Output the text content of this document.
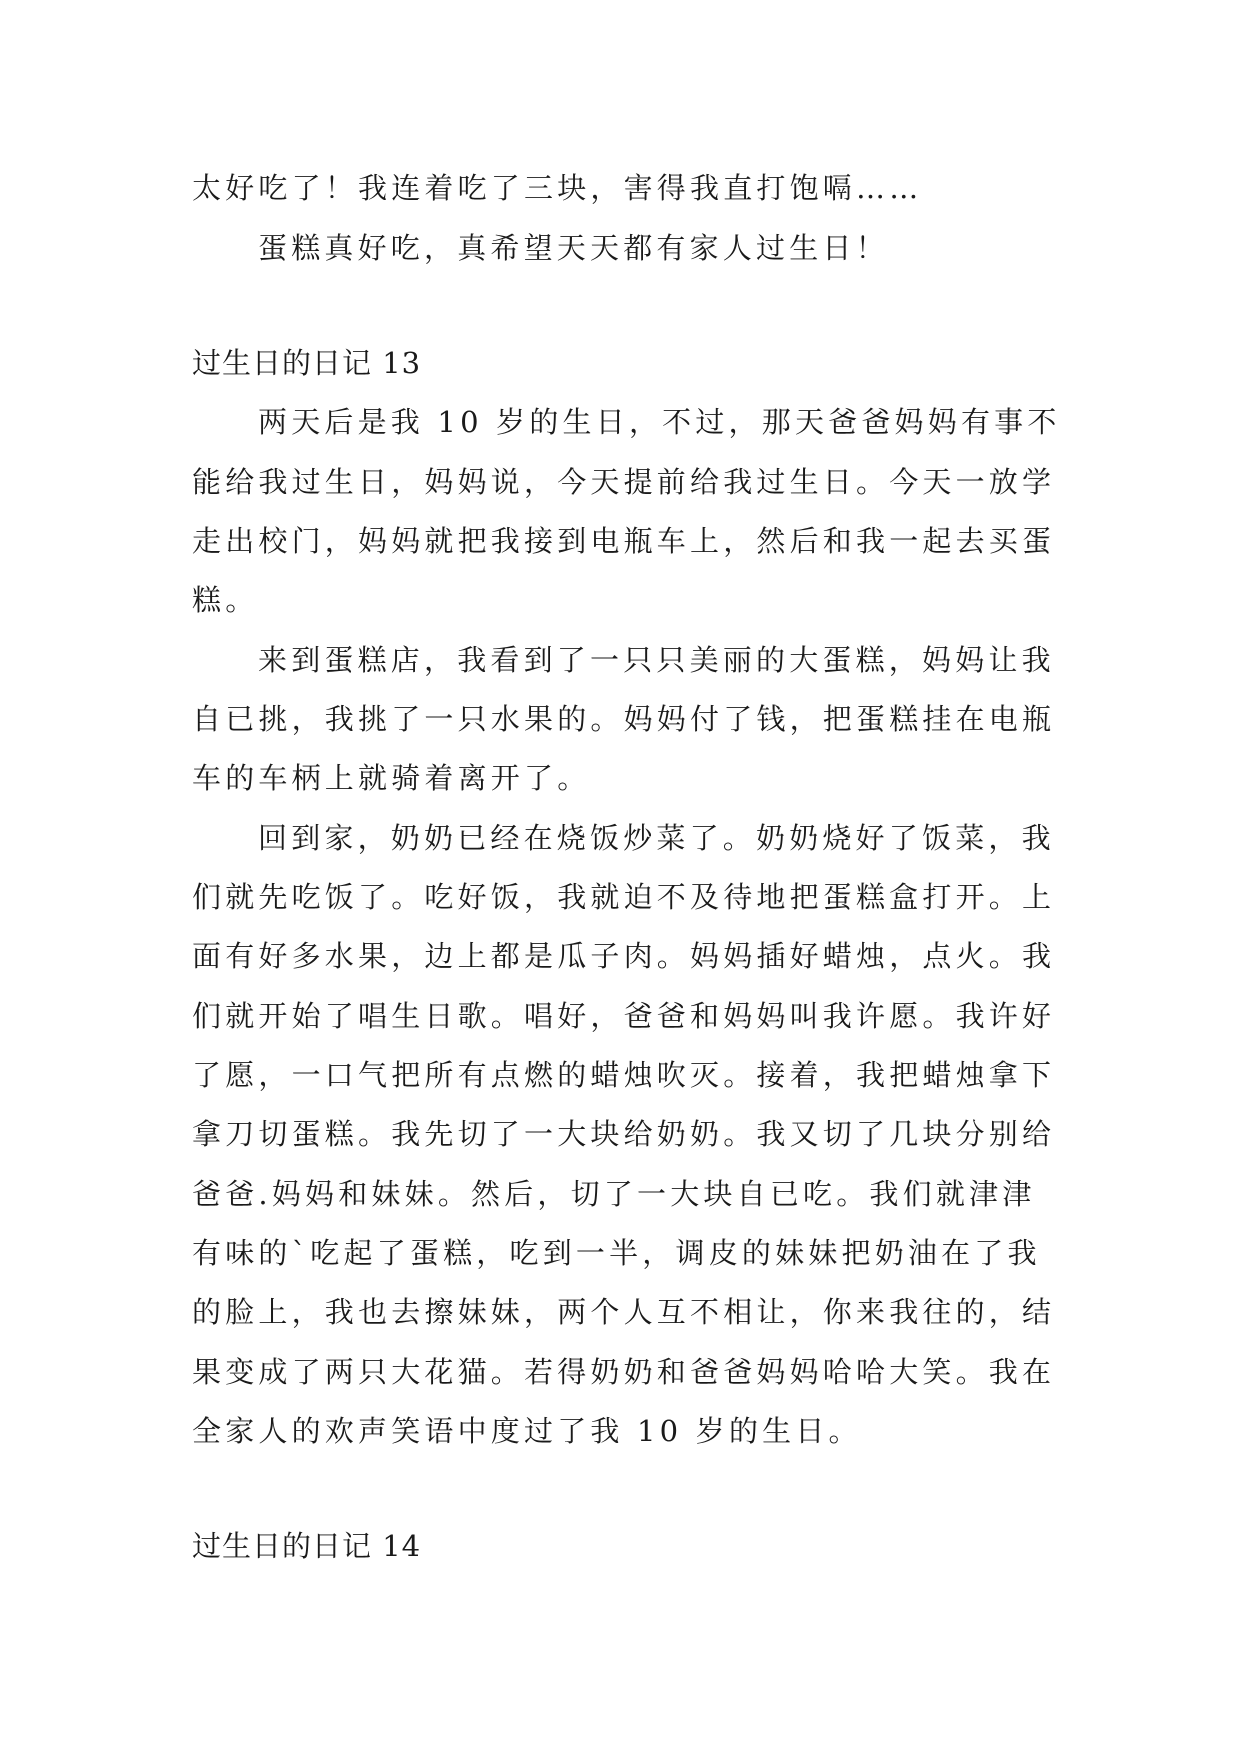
太好吃了！我连着吃了三块，害得我直打饱嗝……
蛋糕真好吃，真希望天天都有家人过生日！
过生日的日记 13
两天后是我 10 岁的生日，不过，那天爸爸妈妈有事不
能给我过生日，妈妈说，今天提前给我过生日。今天一放学
走出校门，妈妈就把我接到电瓶车上，然后和我一起去买蛋
糕。
来到蛋糕店，我看到了一只只美丽的大蛋糕，妈妈让我
自已挑，我挑了一只水果的。妈妈付了钱，把蛋糕挂在电瓶
车的车柄上就骑着离开了。
回到家，奶奶已经在烧饭炒菜了。奶奶烧好了饭菜，我
们就先吃饭了。吃好饭，我就迫不及待地把蛋糕盒打开。上
面有好多水果，边上都是瓜子肉。妈妈插好蜡烛，点火。我
们就开始了唱生日歌。唱好，爸爸和妈妈叫我许愿。我许好
了愿，一口气把所有点燃的蜡烛吹灭。接着，我把蜡烛拿下
拿刀切蛋糕。我先切了一大块给奶奶。我又切了几块分别给
爸爸.妈妈和妹妹。然后，切了一大块自已吃。我们就津津
有味的`吃起了蛋糕，吃到一半，调皮的妹妹把奶油在了我
的脸上，我也去擦妹妹，两个人互不相让，你来我往的，结
果变成了两只大花猫。若得奶奶和爸爸妈妈哈哈大笑。我在
全家人的欢声笑语中度过了我 10 岁的生日。
过生日的日记 14
